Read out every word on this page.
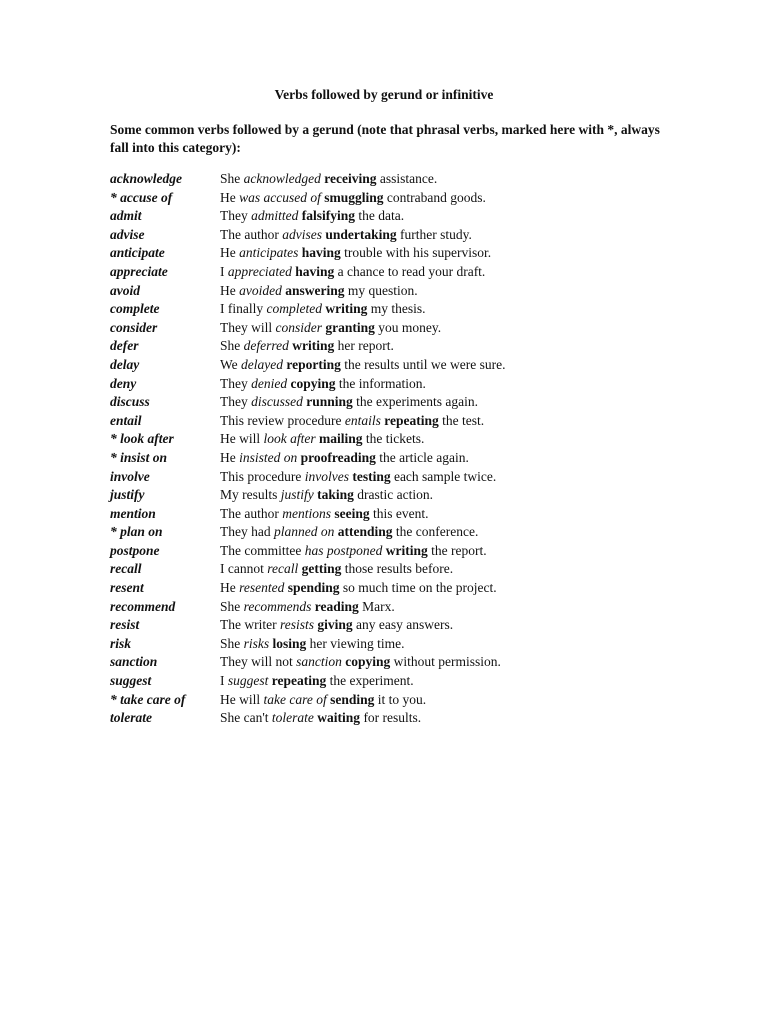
Verbs followed by gerund or infinitive

Some common verbs followed by a gerund (note that phrasal verbs, marked here with *, always fall into this category):

acknowledge	She acknowledged receiving assistance.
* accuse of	He was accused of smuggling contraband goods.
admit	They admitted falsifying the data.
advise	The author advises undertaking further study.
anticipate	He anticipates having trouble with his supervisor.
appreciate	I appreciated having a chance to read your draft.
avoid	He avoided answering my question.
complete	I finally completed writing my thesis.
consider	They will consider granting you money.
defer	She deferred writing her report.
delay	We delayed reporting the results until we were sure.
deny	They denied copying the information.
discuss	They discussed running the experiments again.
entail	This review procedure entails repeating the test.
* look after	He will look after mailing the tickets.
* insist on	He insisted on proofreading the article again.
involve	This procedure involves testing each sample twice.
justify	My results justify taking drastic action.
mention	The author mentions seeing this event.
* plan on	They had planned on attending the conference.
postpone	The committee has postponed writing the report.
recall	I cannot recall getting those results before.
resent	He resented spending so much time on the project.
recommend	She recommends reading Marx.
resist	The writer resists giving any easy answers.
risk	She risks losing her viewing time.
sanction	They will not sanction copying without permission.
suggest	I suggest repeating the experiment.
* take care of	He will take care of sending it to you.
tolerate	She can't tolerate waiting for results.
